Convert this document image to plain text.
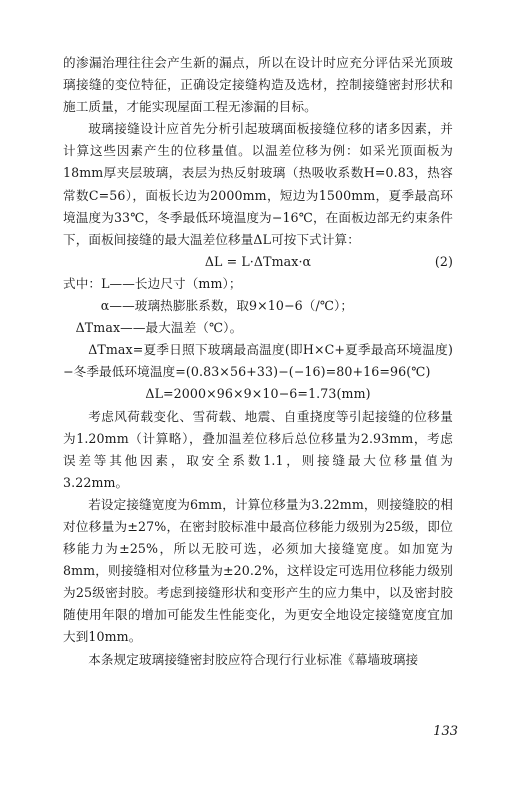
的渗漏治理往往会产生新的漏点，所以在设计时应充分评估采光顶玻璃接缝的变位特征，正确设定接缝构造及选材，控制接缝密封形状和施工质量，才能实现屋面工程无渗漏的目标。

玻璃接缝设计应首先分析引起玻璃面板接缝位移的诸多因素，并计算这些因素产生的位移量值。以温差位移为例：如采光顶面板为18mm厚夹层玻璃，表层为热反射玻璃（热吸收系数H=0.83，热容常数C=56），面板长边为2000mm，短边为1500mm，夏季最高环境温度为33℃，冬季最低环境温度为−16℃，在面板边部无约束条件下，面板间接缝的最大温差位移量ΔL可按下式计算：

ΔL = L·ΔTmax·α	(2)

式中：L——长边尺寸（mm）；

α——玻璃热膨胀系数，取9×10−6（/℃）；

ΔTmax——最大温差（℃）。

ΔTmax=夏季日照下玻璃最高温度(即H×C+夏季最高环境温度)−冬季最低环境温度=(0.83×56+33)−(−16)=80+16=96(℃)

ΔL=2000×96×9×10−6=1.73(mm)

考虑风荷载变化、雪荷载、地震、自重挠度等引起接缝的位移量为1.20mm（计算略），叠加温差位移后总位移量为2.93mm，考虑误差等其他因素，取安全系数1.1，则接缝最大位移量值为3.22mm。

若设定接缝宽度为6mm，计算位移量为3.22mm，则接缝胶的相对位移量为±27%，在密封胶标准中最高位移能力级别为25级，即位移能力为±25%，所以无胶可选，必须加大接缝宽度。如加宽为8mm，则接缝相对位移量为±20.2%，这样设定可选用位移能力级别为25级密封胶。考虑到接缝形状和变形产生的应力集中，以及密封胶随使用年限的增加可能发生性能变化，为更安全地设定接缝宽度宜加大到10mm。

本条规定玻璃接缝密封胶应符合现行行业标准《幕墙玻璃接

133
